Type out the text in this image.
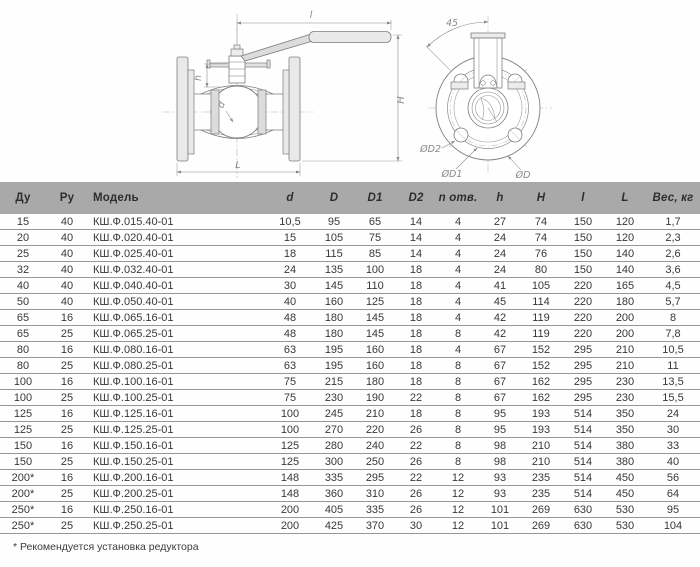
l
H
h
d
L
45
ØD2
ØD1	ØD
Ду	Ру	Модель	d	D	D1	D2	n отв.	h	H	l	L	Вес, кг
15	40	КШ.Ф.015.40-01	10,5	95	65	14	4	27	74	150	120	1,7
20	40	КШ.Ф.020.40-01	15	105	75	14	4	24	74	150	120	2,3
25	40	КШ.Ф.025.40-01	18	115	85	14	4	24	76	150	140	2,6
32	40	КШ.Ф.032.40-01	24	135	100	18	4	24	80	150	140	3,6
40	40	КШ.Ф.040.40-01	30	145	110	18	4	41	105	220	165	4,5
50	40	КШ.Ф.050.40-01	40	160	125	18	4	45	114	220	180	5,7
65	16	КШ.Ф.065.16-01	48	180	145	18	4	42	119	220	200	8
65	25	КШ.Ф.065.25-01	48	180	145	18	8	42	119	220	200	7,8
80	16	КШ.Ф.080.16-01	63	195	160	18	4	67	152	295	210	10,5
80	25	КШ.Ф.080.25-01	63	195	160	18	8	67	152	295	210	11
100	16	КШ.Ф.100.16-01	75	215	180	18	8	67	162	295	230	13,5
100	25	КШ.Ф.100.25-01	75	230	190	22	8	67	162	295	230	15,5
125	16	КШ.Ф.125.16-01	100	245	210	18	8	95	193	514	350	24
125	25	КШ.Ф.125.25-01	100	270	220	26	8	95	193	514	350	30
150	16	КШ.Ф.150.16-01	125	280	240	22	8	98	210	514	380	33
150	25	КШ.Ф.150.25-01	125	300	250	26	8	98	210	514	380	40
200*	16	КШ.Ф.200.16-01	148	335	295	22	12	93	235	514	450	56
200*	25	КШ.Ф.200.25-01	148	360	310	26	12	93	235	514	450	64
250*	16	КШ.Ф.250.16-01	200	405	335	26	12	101	269	630	530	95
250*	25	КШ.Ф.250.25-01	200	425	370	30	12	101	269	630	530	104
* Рекомендуется установка редуктора
